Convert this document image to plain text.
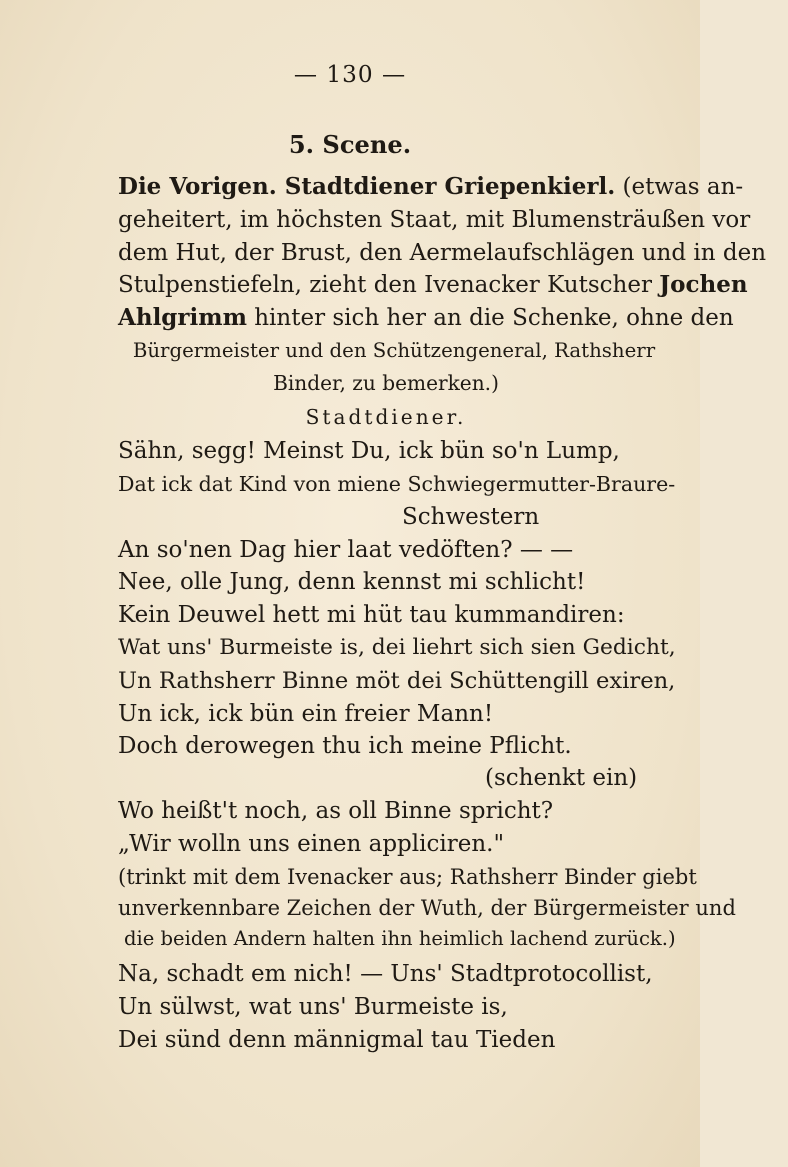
— 130 —
5. Scene.
Die Vorigen. Stadtdiener Griepenkierl. (etwas an-
geheitert, im höchsten Staat, mit Blumensträußen vor
dem Hut, der Brust, den Aermelaufschlägen und in den
Stulpenstiefeln, zieht den Ivenacker Kutscher Jochen
Ahlgrimm hinter sich her an die Schenke, ohne den
Bürgermeister und den Schützengeneral, Rathsherr
Binder, zu bemerken.)
Stadtdiener.
Sähn, segg! Meinst Du, ick bün so'n Lump,
Dat ick dat Kind von miene Schwiegermutter-Braure-
Schwestern
An so'nen Dag hier laat vedöften? — —
Nee, olle Jung, denn kennst mi schlicht!
Kein Deuwel hett mi hüt tau kummandiren:
Wat uns' Burmeiste is, dei liehrt sich sien Gedicht,
Un Rathsherr Binne möt dei Schüttengill exiren,
Un ick, ick bün ein freier Mann!
Doch derowegen thu ich meine Pflicht.
(schenkt ein)
Wo heißt't noch, as oll Binne spricht?
„Wir wolln uns einen appliciren."
(trinkt mit dem Ivenacker aus; Rathsherr Binder giebt
unverkennbare Zeichen der Wuth, der Bürgermeister und
die beiden Andern halten ihn heimlich lachend zurück.)
Na, schadt em nich! — Uns' Stadtprotocollist,
Un sülwst, wat uns' Burmeiste is,
Dei sünd denn männigmal tau Tieden
